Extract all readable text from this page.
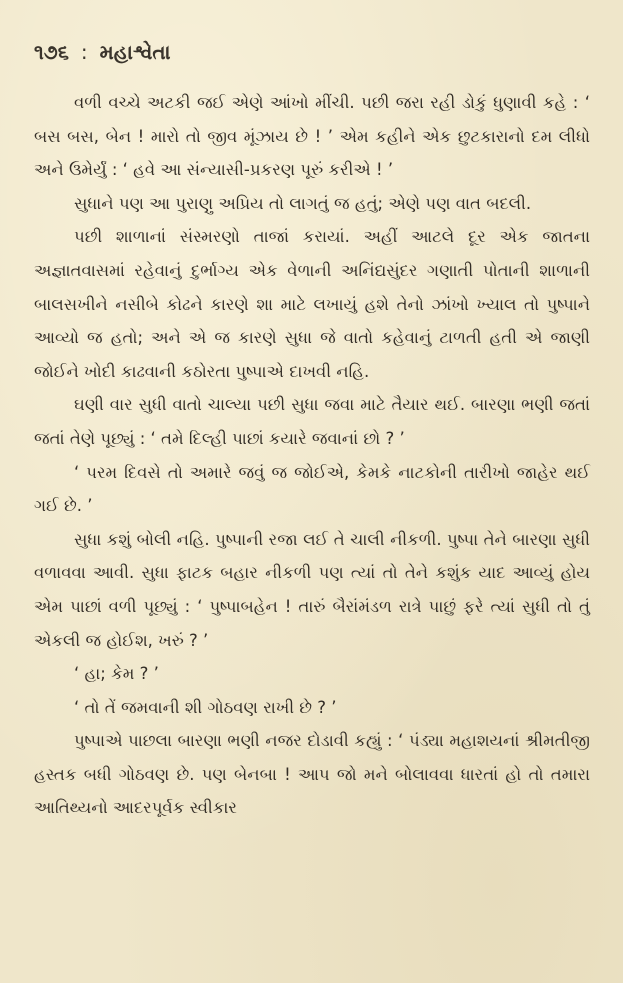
૧૭૬ : મહાશ્વેતા

વળી વચ્ચે અટકી જઈ એણે આંખો મીંચી. પછી જરા રહી ડોકું ધુણાવી કહે : ‘ બસ બસ, બેન ! મારો તો જીવ મૂંઝાય છે ! ’ એમ કહીને એક છુટકારાનો દમ લીધો અને ઉમેર્યું : ‘ હવે આ સંન્યાસી-પ્રકરણ પૂરું કરીએ ! ’

સુધાને પણ આ પુરાણુ અપ્રિય તો લાગતું જ હતું; એણે પણ વાત બદલી.

પછી શાળાનાં સંસ્મરણો તાજાં કરાયાં. અહીં આટલે દૂર એક જાતના અજ્ઞાતવાસમાં રહેવાનું દુર્ભાગ્ય એક વેળાની અનિંદ્યસુંદર ગણાતી પોતાની શાળાની બાલસખીને નસીબે કોઢને કારણે શા માટે લખાયું હશે તેનો ઝાંખો ખ્યાલ તો પુષ્પાને આવ્યો જ હતો; અને એ જ કારણે સુધા જે વાતો કહેવાનું ટાળતી હતી એ જાણી જોઈને ખોદી કાઢવાની કઠોરતા પુષ્પાએ દાખવી નહિ.

ઘણી વાર સુધી વાતો ચાલ્યા પછી સુધા જવા માટે તૈયાર થઈ. બારણા ભણી જતાં જતાં તેણે પૂછ્યું : ‘ તમે દિલ્હી પાછાં કયારે જવાનાં છો ? ’

‘ પરમ દિવસે તો અમારે જવું જ જોઈએ, કેમકે નાટકોની તારીખો જાહેર થઈ ગઈ છે. ’

સુધા કશું બોલી નહિ. પુષ્પાની રજા લઈ તે ચાલી નીકળી. પુષ્પા તેને બારણા સુધી વળાવવા આવી. સુધા ફાટક બહાર નીકળી પણ ત્યાં તો તેને કશુંક યાદ આવ્યું હોય એમ પાછાં વળી પૂછ્યું : ‘ પુષ્પાબહેન ! તારું બૈરાંમંડળ રાત્રે પાછું ફરે ત્યાં સુધી તો તું એકલી જ હોઈશ, ખરું ? ’

‘ હા; કેમ ? ’

‘ તો તેં જમવાની શી ગોઠવણ રાખી છે ? ’

પુષ્પાએ પાછલા બારણા ભણી નજર દોડાવી કહ્યું : ‘ પંડ્યા મહાશયનાં શ્રીમતીજી હસ્તક બધી ગોઠવણ છે. પણ બેનબા ! આપ જો મને બોલાવવા ધારતાં હો તો તમારા આતિથ્યનો આદરપૂર્વક સ્વીકાર
